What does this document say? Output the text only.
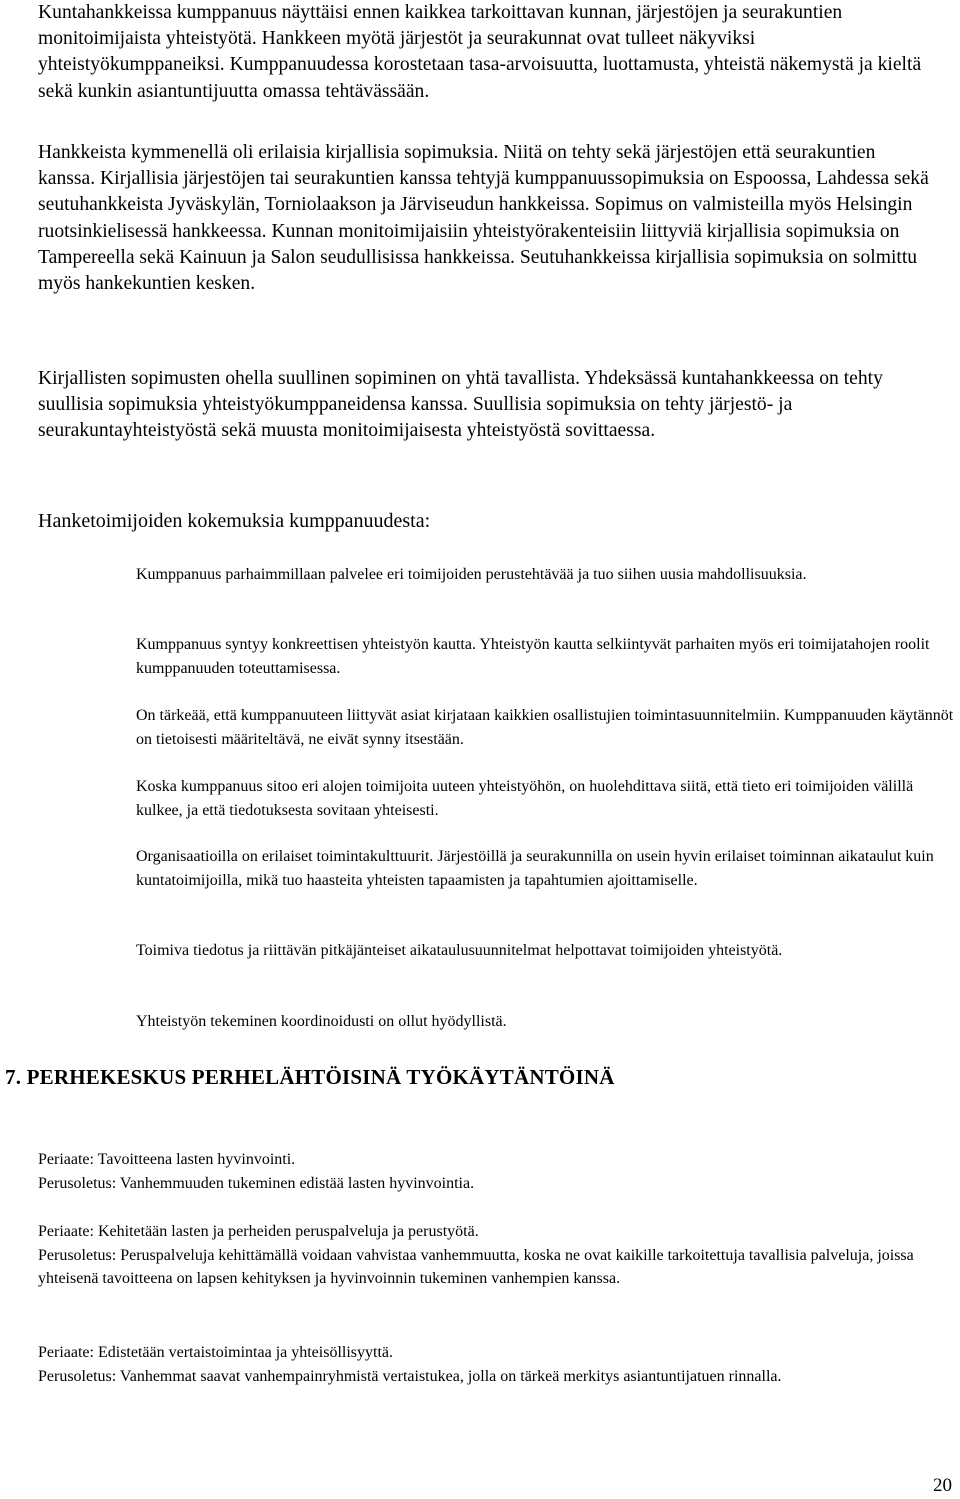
Kuntahankkeissa kumppanuus näyttäisi ennen kaikkea tarkoittavan kunnan, järjestöjen ja seurakuntien monitoimijaista yhteistyötä. Hankkeen myötä järjestöt ja seurakunnat ovat tulleet näkyviksi yhteistyökumppaneiksi. Kumppanuudessa korostetaan tasa-arvoisuutta, luottamusta, yhteistä näkemystä ja kieltä sekä kunkin asiantuntijuutta omassa tehtävässään.

Hankkeista kymmenellä oli erilaisia kirjallisia sopimuksia. Niitä on tehty sekä järjestöjen että seurakuntien kanssa. Kirjallisia järjestöjen tai seurakuntien kanssa tehtyjä kumppanuussopimuksia on Espoossa, Lahdessa sekä seutuhankkeista Jyväskylän, Torniolaakson ja Järviseudun hankkeissa. Sopimus on valmisteilla myös Helsingin ruotsinkielisessä hankkeessa. Kunnan monitoimijaisiin yhteistyörakenteisiin liittyviä kirjallisia sopimuksia on Tampereella sekä Kainuun ja Salon seudullisissa hankkeissa. Seutuhankkeissa kirjallisia sopimuksia on solmittu myös hankekuntien kesken.

Kirjallisten sopimusten ohella suullinen sopiminen on yhtä tavallista. Yhdeksässä kuntahankkeessa on tehty suullisia sopimuksia yhteistyökumppaneidensa kanssa. Suullisia sopimuksia on tehty järjestö- ja seurakuntayhteistyöstä sekä muusta monitoimijaisesta yhteistyöstä sovittaessa.

Hanketoimijoiden kokemuksia kumppanuudesta:

Kumppanuus parhaimmillaan palvelee eri toimijoiden perustehtävää ja tuo siihen uusia mahdollisuuksia.

Kumppanuus syntyy konkreettisen yhteistyön kautta. Yhteistyön kautta selkiintyvät parhaiten myös eri toimijatahojen roolit kumppanuuden toteuttamisessa.

On tärkeää, että kumppanuuteen liittyvät asiat kirjataan kaikkien osallistujien toimintasuunnitelmiin. Kumppanuuden käytännöt on tietoisesti määriteltävä, ne eivät synny itsestään.

Koska kumppanuus sitoo eri alojen toimijoita uuteen yhteistyöhön, on huolehdittava siitä, että tieto eri toimijoiden välillä kulkee, ja että tiedotuksesta sovitaan yhteisesti.

Organisaatioilla on erilaiset toimintakulttuurit. Järjestöillä ja seurakunnilla on usein hyvin erilaiset toiminnan aikataulut kuin kuntatoimijoilla, mikä tuo haasteita yhteisten tapaamisten ja tapahtumien ajoittamiselle.

Toimiva tiedotus ja riittävän pitkäjänteiset aikataulusuunnitelmat helpottavat toimijoiden yhteistyötä.

Yhteistyön tekeminen koordinoidusti on ollut hyödyllistä.

7. PERHEKESKUS PERHELÄHTÖISINÄ TYÖKÄYTÄNTÖINÄ
Periaate: Tavoitteena lasten hyvinvointi.
Perusoletus: Vanhemmuuden tukeminen edistää lasten hyvinvointia.
Periaate: Kehitetään lasten ja perheiden peruspalveluja ja perustyötä.
Perusoletus: Peruspalveluja kehittämällä voidaan vahvistaa vanhemmuutta, koska ne ovat kaikille tarkoitettuja tavallisia palveluja, joissa yhteisenä tavoitteena on lapsen kehityksen ja hyvinvoinnin tukeminen vanhempien kanssa.
Periaate: Edistetään vertaistoimintaa ja yhteisöllisyyttä.
Perusoletus: Vanhemmat saavat vanhempainryhmistä vertaistukea, jolla on tärkeä merkitys asiantuntijatuen rinnalla.
20
